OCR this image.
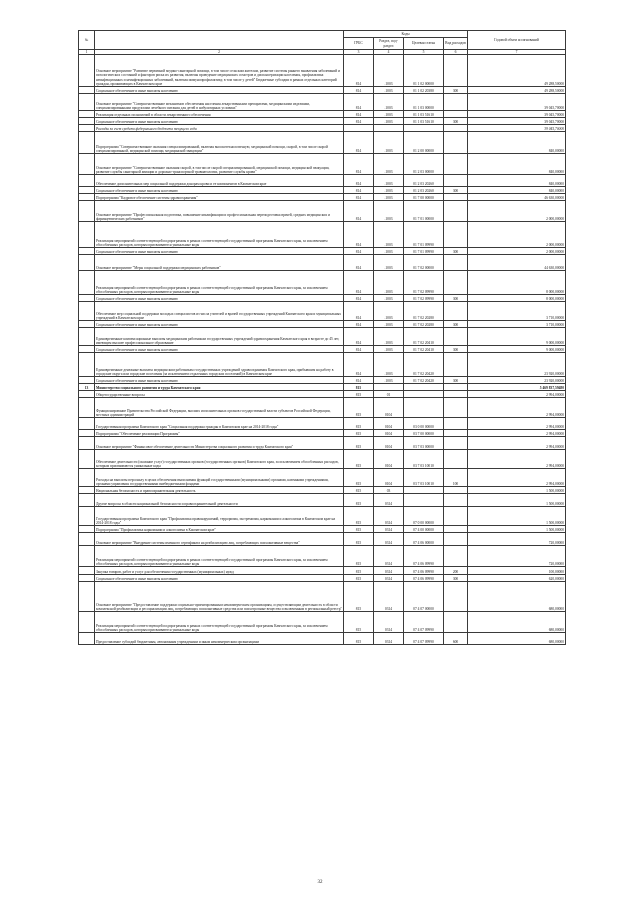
№		Коды				Годовой объем ассигнований
		ГРБС	Раздел, под-раздел	Целевая статья	Вид расходов	
1	2	3	4	5	6	7
	Основное мероприятие "Развитие первичной медико-санитарной помощи, в том числе сельским жителям, развитие системы раннего выявления заболеваний и патологических состояний и факторов риска их развития, включая проведение медицинских осмотров и диспансеризации населения, профилактика неинфекционных и неинфекционных заболеваний, включая иммунопрофилактику, в том числе у детей" Бюджетные субсидии в рамках отдельных категорий граждан, проживающих в Камчатском крае	814	.1003	01 1 02 00000		49 288,50000
	Социальное обеспечение и иные выплаты населению	814	.1003	01 1 02 20380	300	49 288,50000
	Основное мероприятие "Совершенствование механизмов обеспечения населения лекарственными препаратами, медицинскими изделиями, специализированными продуктами лечебного питания для детей в амбулаторных условиях"	814	.1003	01 1 03 00000		39 045,70000
	Реализация отдельных полномочий в области лекарственного обеспечения	814	.1003	01 1 03 51610		39 045,70000
	Социальное обеспечение и иные выплаты населению	814	.1003	01 1 03 51610	300	39 045,70000
	Расходы за счет средств федерального бюджета текущего года					39 045,70000
	Подпрограмма "Совершенствование оказания специализированной, включая высокотехнологичную, медицинской помощи, скорой, в том числе скорой специализированной, медицинской помощи, медицинской эвакуации"	814	.1003	01 2 00 00000		840,00000
	Основное мероприятие "Совершенствование оказания скорой, в том числе скорой специализированной, медицинской помощи, медицинской эвакуации, развитие службы санитарной авиации и дорожно-транспортной травматологии, развитие службы крови"	814	.1003	01 2 03 00000		840,00000
	Обеспечение дополнительных мер социальной поддержки донорам крови и ее компонентов в Камчатском крае	814	.1003	01 2 03 20260		840,00000
	Социальное обеспечение и иные выплаты населению	814	.1003	01 2 03 20260	300	840,00000
	Подпрограмма "Кадровое обеспечение системы здравоохранения"	814	.1003	01 7 00 00000		46 630,00000
	Основное мероприятие "Профессиональная подготовка, повышение квалификации и профессиональная переподготовка врачей, средних медицинских и фармацевтических работников"	814	.1003	01 7 01 00000		2 000,00000
	Реализация мероприятий соответствующей подпрограммы в рамках соответствующей государственной программы Камчатского края, за исключением обособленных расходов, которым присваиваются уникальные коды	814	.1003	01 7 01 09990		2 000,00000
	Социальное обеспечение и иные выплаты населению	814	.1003	01 7 01 09990	300	2 000,00000
	Основное мероприятие "Меры социальной поддержки медицинских работников"	814	.1003	01 7 02 00000		44 630,00000
	Реализация мероприятий соответствующей подпрограммы в рамках соответствующей государственной программы Камчатского края, за исключением обособленных расходов, которым присваиваются уникальные коды	814	.1003	01 7 02 09990		8 000,00000
	Социальное обеспечение и иные выплаты населению	814	.1003	01 7 02 09990	300	8 000,00000
	Обеспечение мер социальной поддержки молодых специалистов из числа учителей и врачей государственных учреждений Камчатского края и муниципальных учреждений в Камчатском крае	814	.1003	01 7 02 20280		3 710,00000
	Социальное обеспечение и иные выплаты населению	814	.1003	01 7 02 20280	300	3 710,00000
	Единовременные компенсационные выплаты медицинским работникам государственных учреждений здравоохранения Камчатского края в возрасте до 45 лет, имеющим высшее профессиональное образование	814	.1003	01 7 02 20410		9 000,00000
	Социальное обеспечение и иные выплаты населению	814	.1003	01 7 02 20410	300	9 000,00000
	Единовременные денежные выплаты медицинским работникам государственных учреждений здравоохранения Камчатского края, прибывшим на работу в городские округа или городские поселения (за исключением отдаленных городских поселений) в Камчатском крае	814	.1003	01 7 02 20420		23 920,00000
	Социальное обеспечение и иные выплаты населению	814	.1003	01 7 02 20420	300	23 920,00000
13	Министерство социального развития и труда Камчатского края	815				5 469 837,59480
	Общегосударственные вопросы	815	01			2 994,00000
	Функционирование Правительства Российской Федерации, высших исполнительных органов государственной власти субъектов Российской Федерации, местных администраций	815	0104			2 994,00000
	Государственная программа Камчатского края "Социальная поддержка граждан в Камчатском крае на 2014-2018 годы"	815	0104	03 0 00 00000		2 994,00000
	Подпрограмма "Обеспечение реализации Программы"	815	0104	03 7 00 00000		2 994,00000
	Основное мероприятие "Финансовое обеспечение деятельности Министерства социального развития и труда Камчатского края"	815	0104	03 7 03 00000		2 994,00000
	Обеспечение деятельности (оказание услуг) государственных органов (государственных органов) Камчатского края, за исключением обособленных расходов, которым присваиваются уникальные коды	815	0104	03 7 03 10010		2 994,00000
	Расходы на выплаты персоналу в целях обеспечения выполнения функций государственными (муниципальными) органами, казенными учреждениями, органами управления государственными внебюджетными фондами	815	0104	03 7 03 10010	100	2 994,00000
	Национальная безопасность и правоохранительная деятельность	815	03			1 500,00000
	Другие вопросы в области национальной безопасности и правоохранительной деятельности	815	0314			1 500,00000
	Государственная программа Камчатского края "Профилактика правонарушений, терроризма, экстремизма, наркомании и алкоголизма в Камчатском крае на 2014-2018 годы"	815	0314	07 0 00 00000		1 500,00000
	Подпрограмма "Профилактика наркомании и алкоголизма в Камчатском крае"	815	0314	07 4 00 00000		1 500,00000
	Основное мероприятие "Внедрение системы именного сертификата на реабилитацию лиц, потребляющих психоактивные вещества"	815	0314	07 4 06 00000		720,00000
	Реализация мероприятий соответствующей подпрограммы в рамках соответствующей государственной программы Камчатского края, за исключением обособленных расходов, которым присваиваются уникальные коды	815	0314	07 4 06 09990		720,00000
	Закупка товаров, работ и услуг для обеспечения государственных (муниципальных) нужд	815	0314	07 4 06 09990	200	100,00000
	Социальное обеспечение и иные выплаты населению	815	0314	07 4 06 09990	300	620,00000
	Основное мероприятие "Предоставление поддержки социально-ориентированным некоммерческим организациям, осуществляющим деятельность в области комплексной реабилитации и ресоциализации лиц, потребляющих психоактивные средства или психотропные вещества и включенным в региональный реестр"	815	0314	07 4 07 00000		680,00000
	Реализация мероприятий соответствующей подпрограммы в рамках соответствующей государственной программы Камчатского края, за исключением обособленных расходов, которым присваиваются уникальные коды	815	0314	07 4 07 09990		680,00000
	Предоставление субсидий бюджетным, автономным учреждениям и иным некоммерческим организациям	815	0314	07 4 07 09990	600	680,00000
32
